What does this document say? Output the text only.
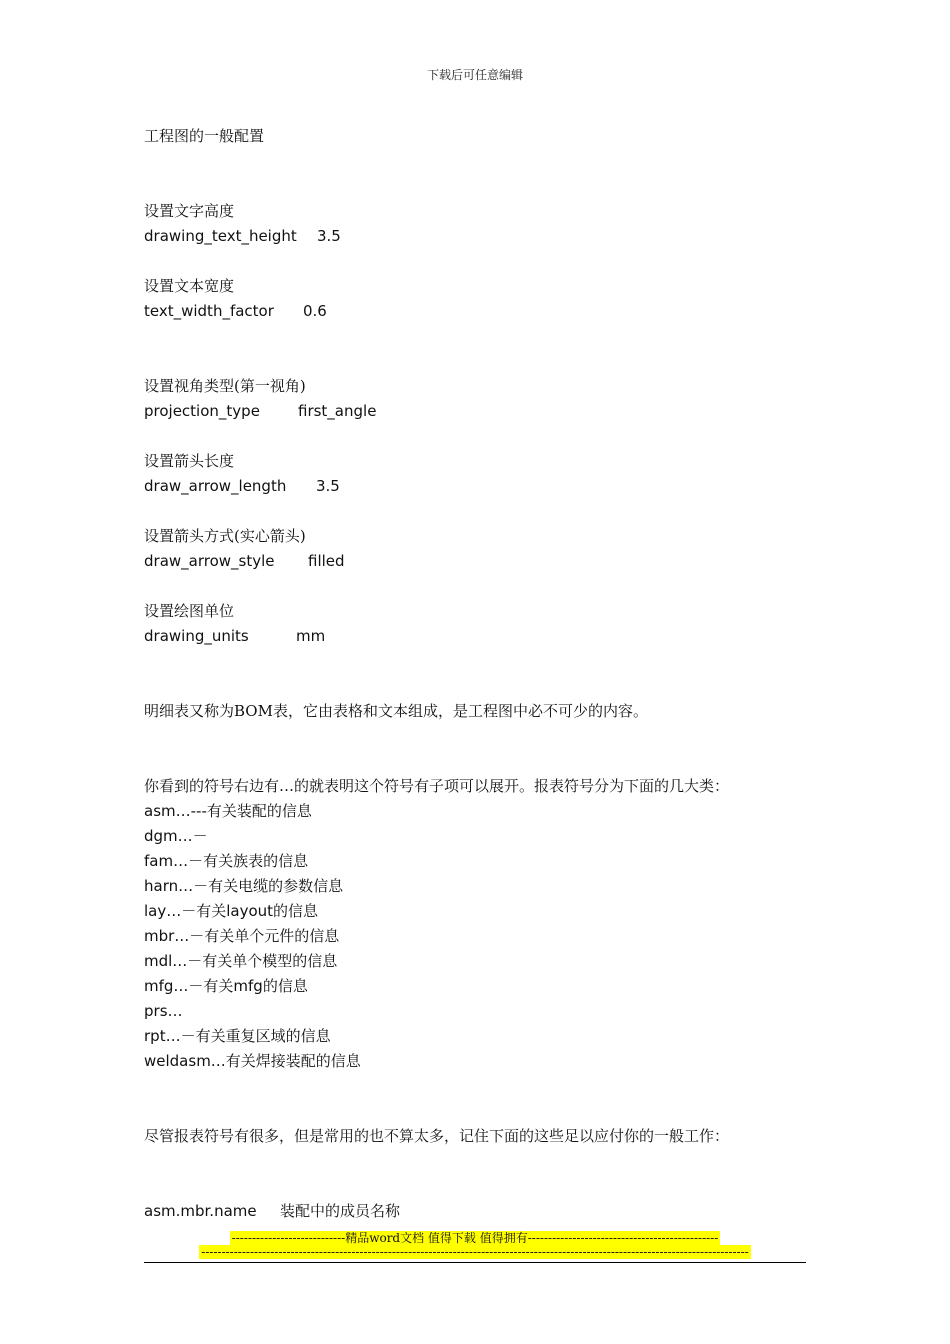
下载后可任意编辑
工程图的一般配置
设置文字高度
drawing_text_height 3.5
设置文本宽度
text_width_factor 0.6
设置视角类型(第一视角)
projection_type	first_angle
设置箭头长度
draw_arrow_length 3.5
设置箭头方式(实心箭头)
draw_arrow_style filled
设置绘图单位
drawing_units	mm
明细表又称为BOM表，它由表格和文本组成，是工程图中必不可少的内容。
你看到的符号右边有…的就表明这个符号有子项可以展开。报表符号分为下面的几大类：
asm…---有关装配的信息
dgm…－
fam…－有关族表的信息
harn…－有关电缆的参数信息
lay…－有关layout的信息
mbr…－有关单个元件的信息
mdl…－有关单个模型的信息
mfg…－有关mfg的信息
prs…
rpt…－有关重复区域的信息
weldasm…有关焊接装配的信息
尽管报表符号有很多，但是常用的也不算太多，记住下面的这些足以应付你的一般工作：
asm.mbr.name 装配中的成员名称
----------------------------精品word文档 值得下载 值得拥有-----------------------------------------------
---------------------------------------------------------------------------------------------------------------------------------------
